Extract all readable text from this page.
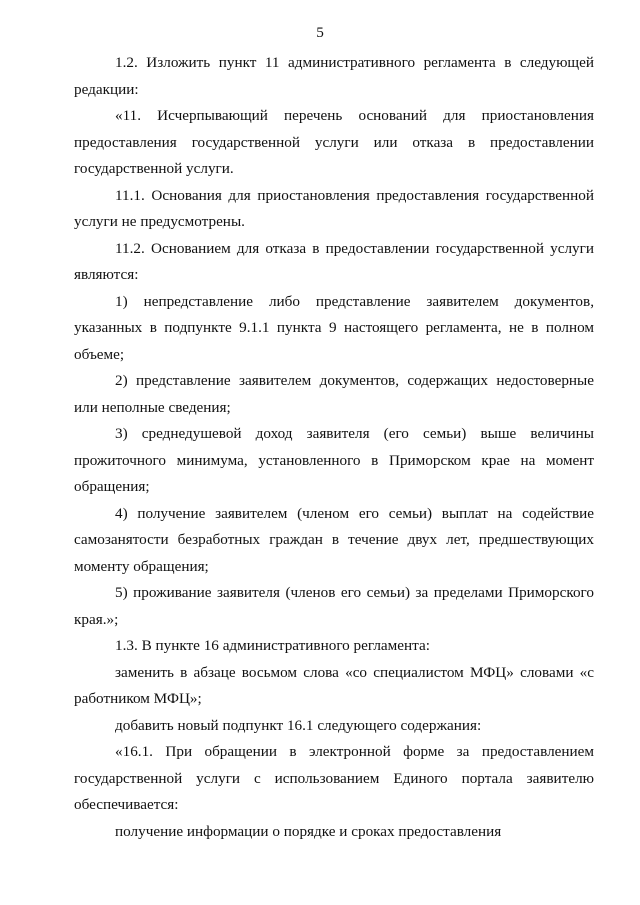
5

1.2. Изложить пункт 11 административного регламента в следующей редакции:

«11. Исчерпывающий перечень оснований для приостановления предоставления государственной услуги или отказа в предоставлении государственной услуги.

11.1. Основания для приостановления предоставления государственной услуги не предусмотрены.

11.2. Основанием для отказа в предоставлении государственной услуги являются:

1) непредставление либо представление заявителем документов, указанных в подпункте 9.1.1 пункта 9 настоящего регламента, не в полном объеме;

2) представление заявителем документов, содержащих недостоверные или неполные сведения;

3) среднедушевой доход заявителя (его семьи) выше величины прожиточного минимума, установленного в Приморском крае на момент обращения;

4) получение заявителем (членом его семьи) выплат на содействие самозанятости безработных граждан в течение двух лет, предшествующих моменту обращения;

5) проживание заявителя (членов его семьи) за пределами Приморского края.»;

1.3. В пункте 16 административного регламента:

заменить в абзаце восьмом слова «со специалистом МФЦ» словами «с работником МФЦ»;

добавить новый подпункт 16.1 следующего содержания:

«16.1. При обращении в электронной форме за предоставлением государственной услуги с использованием Единого портала заявителю обеспечивается:

получение информации о порядке и сроках предоставления
